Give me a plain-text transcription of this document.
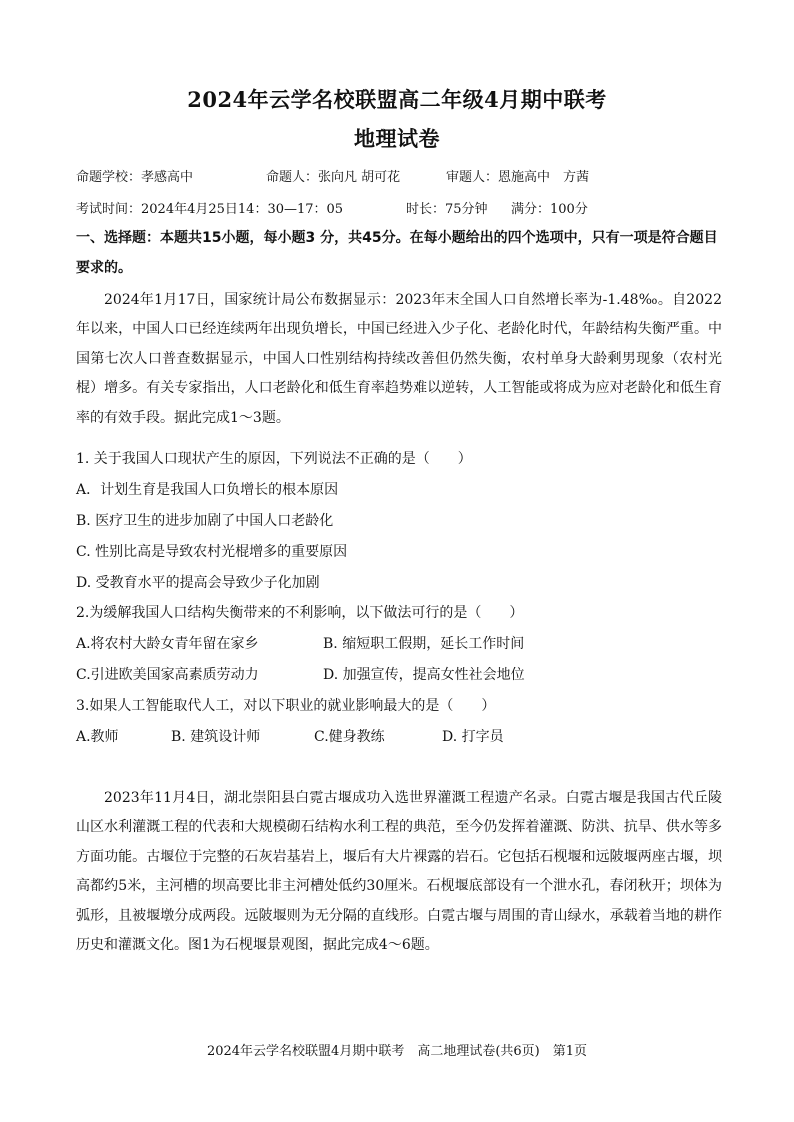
2024年云学名校联盟高二年级4月期中联考
地理试卷
命题学校：孝感高中	命题人：张向凡 胡可花	审题人：恩施高中　方茜
考试时间：2024年4月25日14：30—17：05	时长：75分钟 满分：100分
一、选择题：本题共15小题，每小题3 分，共45分。在每小题给出的四个选项中，只有一项是符合题目要求的。
2024年1月17日，国家统计局公布数据显示：2023年末全国人口自然增长率为-1.48‰。自2022年以来，中国人口已经连续两年出现负增长，中国已经进入少子化、老龄化时代，年龄结构失衡严重。中国第七次人口普查数据显示，中国人口性别结构持续改善但仍然失衡，农村单身大龄剩男现象（农村光棍）增多。有关专家指出，人口老龄化和低生育率趋势难以逆转，人工智能或将成为应对老龄化和低生育率的有效手段。据此完成1～3题。
1. 关于我国人口现状产生的原因，下列说法不正确的是（　　）
A．计划生育是我国人口负增长的根本原因
B. 医疗卫生的进步加剧了中国人口老龄化
C. 性别比高是导致农村光棍增多的重要原因
D. 受教育水平的提高会导致少子化加剧
2.为缓解我国人口结构失衡带来的不利影响，以下做法可行的是（　　）
A.将农村大龄女青年留在家乡	B. 缩短职工假期，延长工作时间
C.引进欧美国家高素质劳动力	D. 加强宣传，提高女性社会地位
3.如果人工智能取代人工，对以下职业的就业影响最大的是（　　）
A.教师	B. 建筑设计师	C.健身教练	D. 打字员
2023年11月4日，湖北崇阳县白霓古堰成功入选世界灌溉工程遗产名录。白霓古堰是我国古代丘陵山区水利灌溉工程的代表和大规模砌石结构水利工程的典范，至今仍发挥着灌溉、防洪、抗旱、供水等多方面功能。古堰位于完整的石灰岩基岩上，堰后有大片裸露的岩石。它包括石枧堰和远陂堰两座古堰，坝高都约5米，主河槽的坝高要比非主河槽处低约30厘米。石枧堰底部设有一个泄水孔，春闭秋开；坝体为弧形，且被堰墩分成两段。远陂堰则为无分隔的直线形。白霓古堰与周围的青山绿水，承载着当地的耕作历史和灌溉文化。图1为石枧堰景观图，据此完成4～6题。
2024年云学名校联盟4月期中联考　高二地理试卷(共6页)　第1页
